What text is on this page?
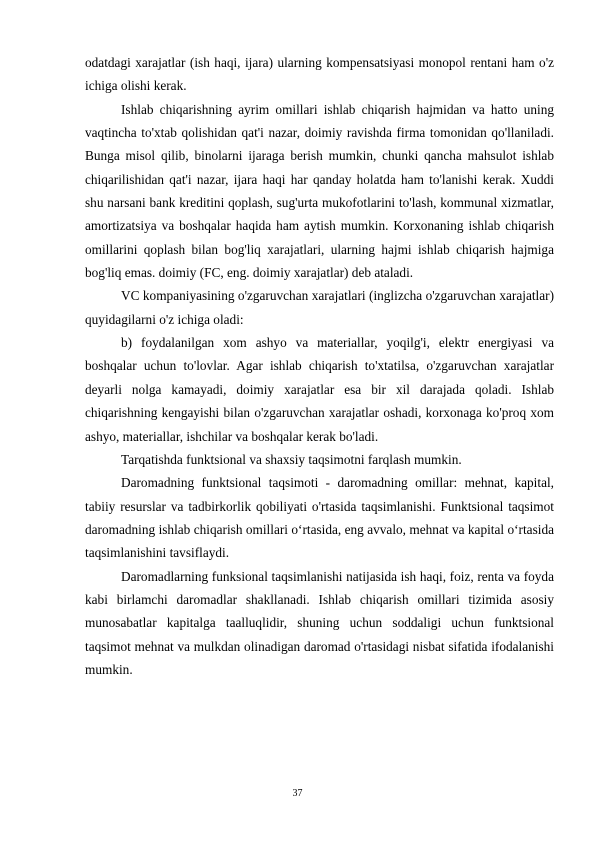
odatdagi xarajatlar (ish haqi, ijara) ularning kompensatsiyasi monopol rentani ham o'z ichiga olishi kerak.

Ishlab chiqarishning ayrim omillari ishlab chiqarish hajmidan va hatto uning vaqtincha to'xtab qolishidan qat'i nazar, doimiy ravishda firma tomonidan qo'llaniladi. Bunga misol qilib, binolarni ijaraga berish mumkin, chunki qancha mahsulot ishlab chiqarilishidan qat'i nazar, ijara haqi har qanday holatda ham to'lanishi kerak. Xuddi shu narsani bank kreditini qoplash, sug'urta mukofotlarini to'lash, kommunal xizmatlar, amortizatsiya va boshqalar haqida ham aytish mumkin. Korxonaning ishlab chiqarish omillarini qoplash bilan bog'liq xarajatlari, ularning hajmi ishlab chiqarish hajmiga bog'liq emas. doimiy (FC, eng. doimiy xarajatlar) deb ataladi.

VC kompaniyasining o'zgaruvchan xarajatlari (inglizcha o'zgaruvchan xarajatlar) quyidagilarni o'z ichiga oladi:

b) foydalanilgan xom ashyo va materiallar, yoqilg'i, elektr energiyasi va boshqalar uchun to'lovlar. Agar ishlab chiqarish to'xtatilsa, o'zgaruvchan xarajatlar deyarli nolga kamayadi, doimiy xarajatlar esa bir xil darajada qoladi. Ishlab chiqarishning kengayishi bilan o'zgaruvchan xarajatlar oshadi, korxonaga ko'proq xom ashyo, materiallar, ishchilar va boshqalar kerak bo'ladi.

Tarqatishda funktsional va shaxsiy taqsimotni farqlash mumkin.

Daromadning funktsional taqsimoti - daromadning omillar: mehnat, kapital, tabiiy resurslar va tadbirkorlik qobiliyati o'rtasida taqsimlanishi. Funktsional taqsimot daromadning ishlab chiqarish omillari o‘rtasida, eng avvalo, mehnat va kapital o‘rtasida taqsimlanishini tavsiflaydi.

Daromadlarning funksional taqsimlanishi natijasida ish haqi, foiz, renta va foyda kabi birlamchi daromadlar shakllanadi. Ishlab chiqarish omillari tizimida asosiy munosabatlar kapitalga taalluqlidir, shuning uchun soddaligi uchun funktsional taqsimot mehnat va mulkdan olinadigan daromad o'rtasidagi nisbat sifatida ifodalanishi mumkin.

37
